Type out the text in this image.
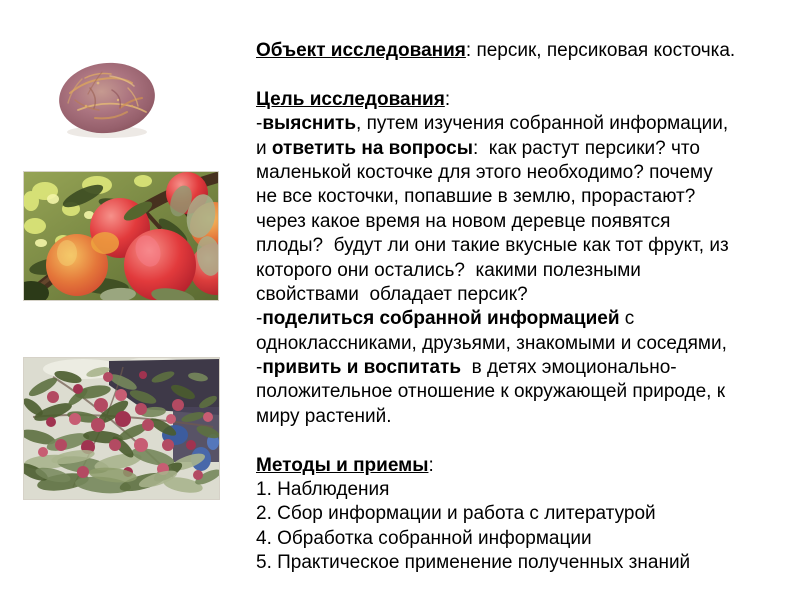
Объект исследования: персик, персиковая косточка.
Цель исследования:
-выяснить, путем изучения собранной информации,
и ответить на вопросы:  как растут персики? что
маленькой косточке для этого необходимо? почему
не все косточки, попавшие в землю, прорастают?
через какое время на новом деревце появятся
плоды?  будут ли они такие вкусные как тот фрукт, из
которого они остались?  какими полезными
свойствами  обладает персик?
-поделиться собранной информацией с
одноклассниками, друзьями, знакомыми и соседями,
-привить и воспитать  в детях эмоционально-
положительное отношение к окружающей природе, к
миру растений.
Методы и приемы:
1. Наблюдения
2. Сбор информации и работа с литературой
4. Обработка собранной информации
5. Практическое применение полученных знаний
